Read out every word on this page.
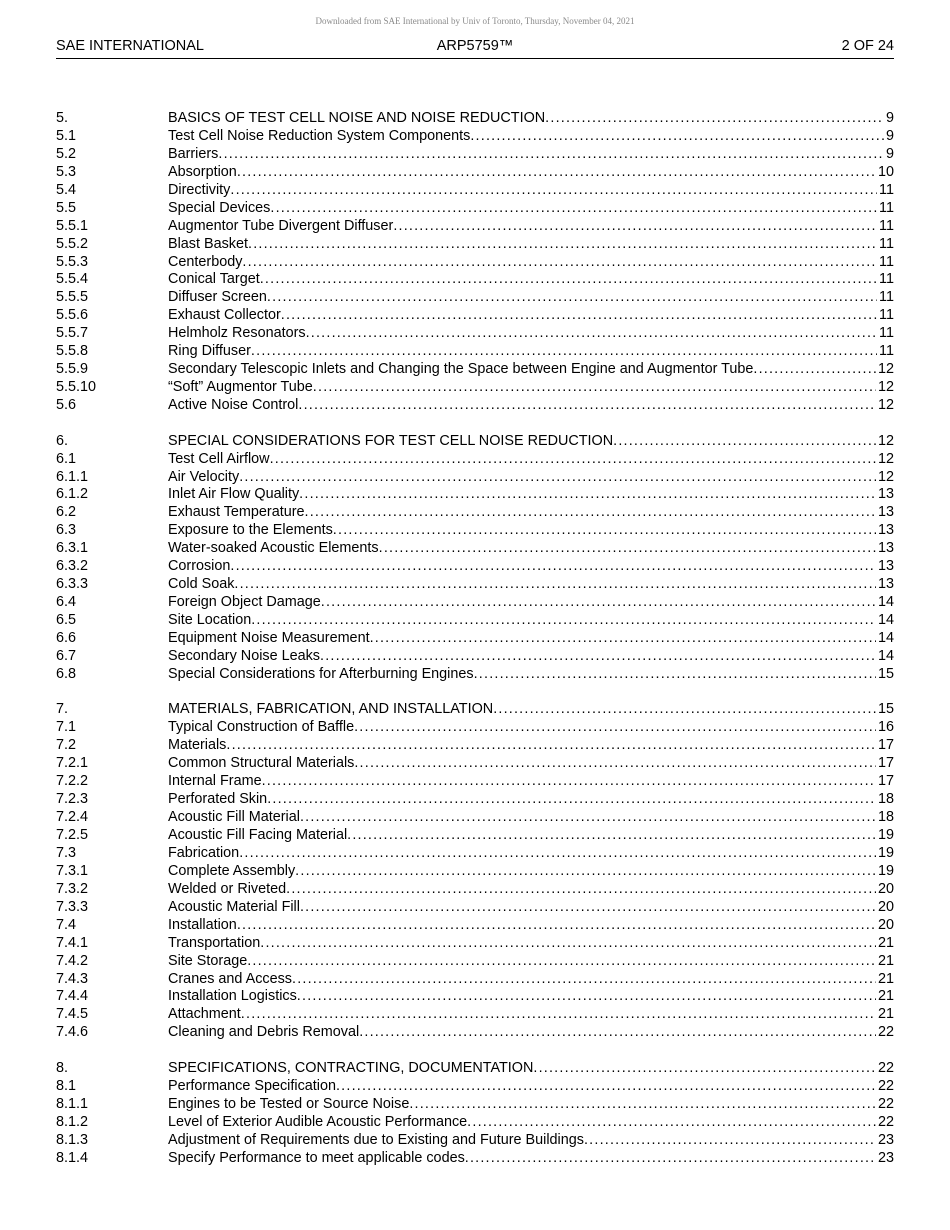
Downloaded from SAE International by Univ of Toronto, Thursday, November 04, 2021
SAE INTERNATIONAL	ARP5759™	2 OF 24
5.	BASICS OF TEST CELL NOISE AND NOISE REDUCTION .....	9
5.1	Test Cell Noise Reduction System Components .....	9
5.2	Barriers .....	9
5.3	Absorption .....	10
5.4	Directivity .....	11
5.5	Special Devices .....	11
5.5.1	Augmentor Tube Divergent Diffuser .....	11
5.5.2	Blast Basket .....	11
5.5.3	Centerbody .....	11
5.5.4	Conical Target .....	11
5.5.5	Diffuser Screen .....	11
5.5.6	Exhaust Collector .....	11
5.5.7	Helmholz Resonators .....	11
5.5.8	Ring Diffuser .....	11
5.5.9	Secondary Telescopic Inlets and Changing the Space between Engine and Augmentor Tube .....	12
5.5.10	“Soft” Augmentor Tube .....	12
5.6	Active Noise Control .....	12
6.	SPECIAL CONSIDERATIONS FOR TEST CELL NOISE REDUCTION .....	12
6.1	Test Cell Airflow .....	12
6.1.1	Air Velocity .....	12
6.1.2	Inlet Air Flow Quality .....	13
6.2	Exhaust Temperature .....	13
6.3	Exposure to the Elements .....	13
6.3.1	Water-soaked Acoustic Elements .....	13
6.3.2	Corrosion .....	13
6.3.3	Cold Soak .....	13
6.4	Foreign Object Damage .....	14
6.5	Site Location .....	14
6.6	Equipment Noise Measurement .....	14
6.7	Secondary Noise Leaks .....	14
6.8	Special Considerations for Afterburning Engines .....	15
7.	MATERIALS, FABRICATION, AND INSTALLATION .....	15
7.1	Typical Construction of Baffle .....	16
7.2	Materials .....	17
7.2.1	Common Structural Materials .....	17
7.2.2	Internal Frame .....	17
7.2.3	Perforated Skin .....	18
7.2.4	Acoustic Fill Material .....	18
7.2.5	Acoustic Fill Facing Material .....	19
7.3	Fabrication .....	19
7.3.1	Complete Assembly .....	19
7.3.2	Welded or Riveted .....	20
7.3.3	Acoustic Material Fill .....	20
7.4	Installation .....	20
7.4.1	Transportation .....	21
7.4.2	Site Storage .....	21
7.4.3	Cranes and Access .....	21
7.4.4	Installation Logistics .....	21
7.4.5	Attachment .....	21
7.4.6	Cleaning and Debris Removal .....	22
8.	SPECIFICATIONS, CONTRACTING, DOCUMENTATION .....	22
8.1	Performance Specification .....	22
8.1.1	Engines to be Tested or Source Noise .....	22
8.1.2	Level of Exterior Audible Acoustic Performance .....	22
8.1.3	Adjustment of Requirements due to Existing and Future Buildings .....	23
8.1.4	Specify Performance to meet applicable codes .....	23
